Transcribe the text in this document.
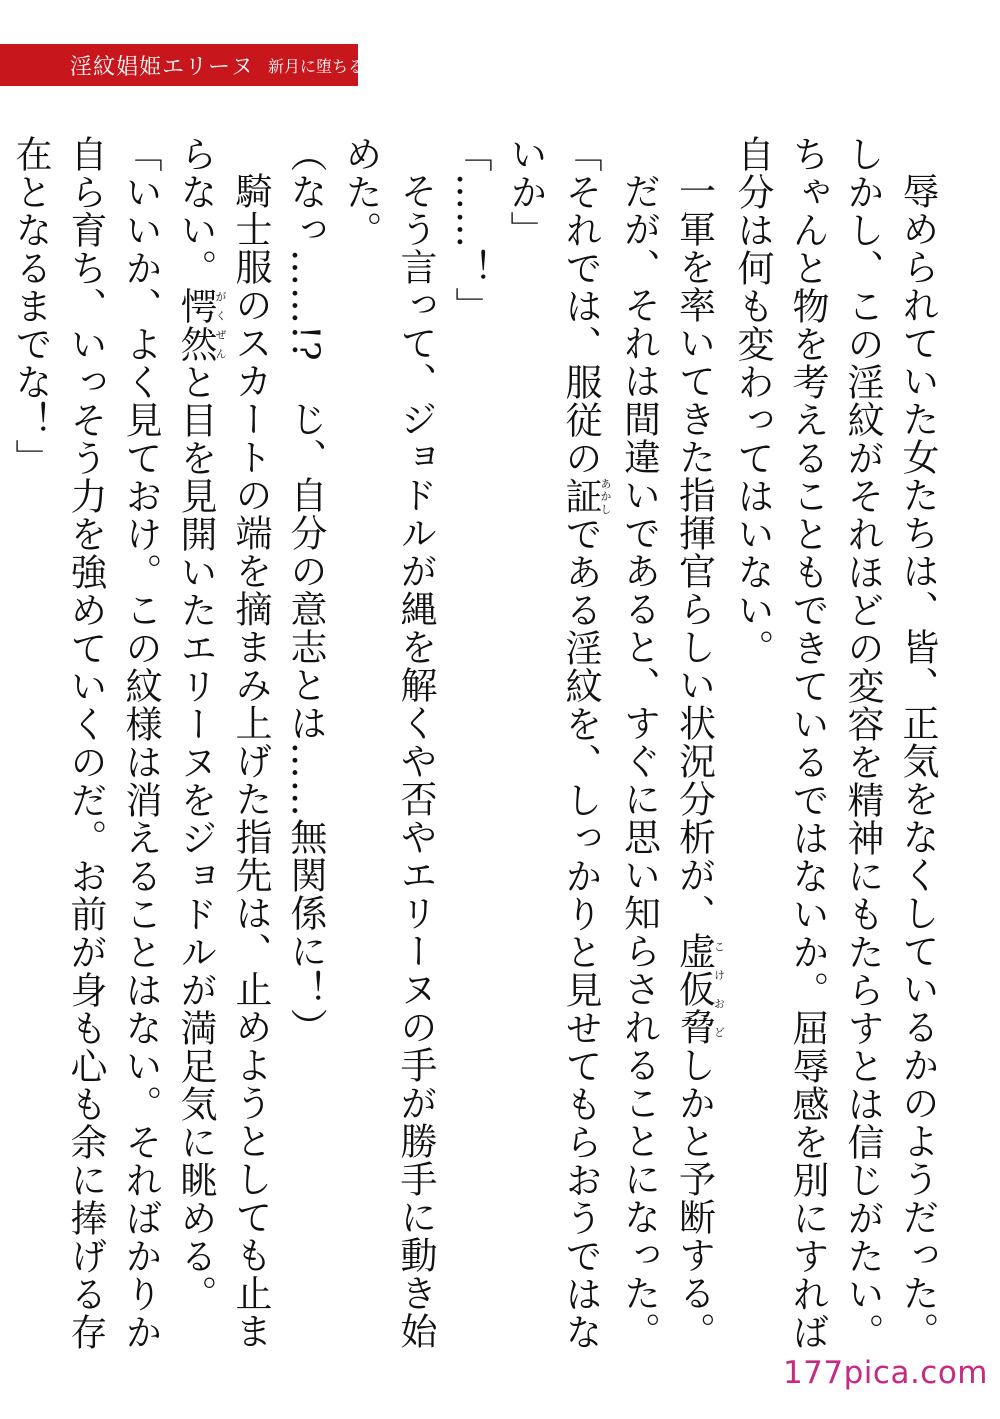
淫紋娼姫エリーヌ 新月に堕ちる誇り

辱められていた女たちは、皆、正気をなくしているかのようだった。しかし、この淫紋がそれほどの変容を精神にもたらすとは信じがたい。ちゃんと物を考えることもできているではないか。屈辱感を別にすれば自分は何も変わってはいない。

一軍を率いてきた指揮官らしい状況分析が、虚仮脅こけおどしかと予断する。

だが、それは間違いであると、すぐに思い知らされることになった。

「それでは、服従の証あかしである淫紋を、しっかりと見せてもらおうではないか」

「……！」

そう言って、ジョドルが縄を解くや否やエリーヌの手が勝手に動き始めた。

（なっ……!?　じ、自分の意志とは……無関係に！）

騎士服のスカートの端を摘まみ上げた指先は、止めようとしても止まらない。愕然がくぜんと目を見開いたエリーヌをジョドルが満足気に眺める。

「いいか、よく見ておけ。この紋様は消えることはない。そればかりか自ら育ち、いっそう力を強めていくのだ。お前が身も心も余に捧げる存在となるまでな！」

177pica.com
